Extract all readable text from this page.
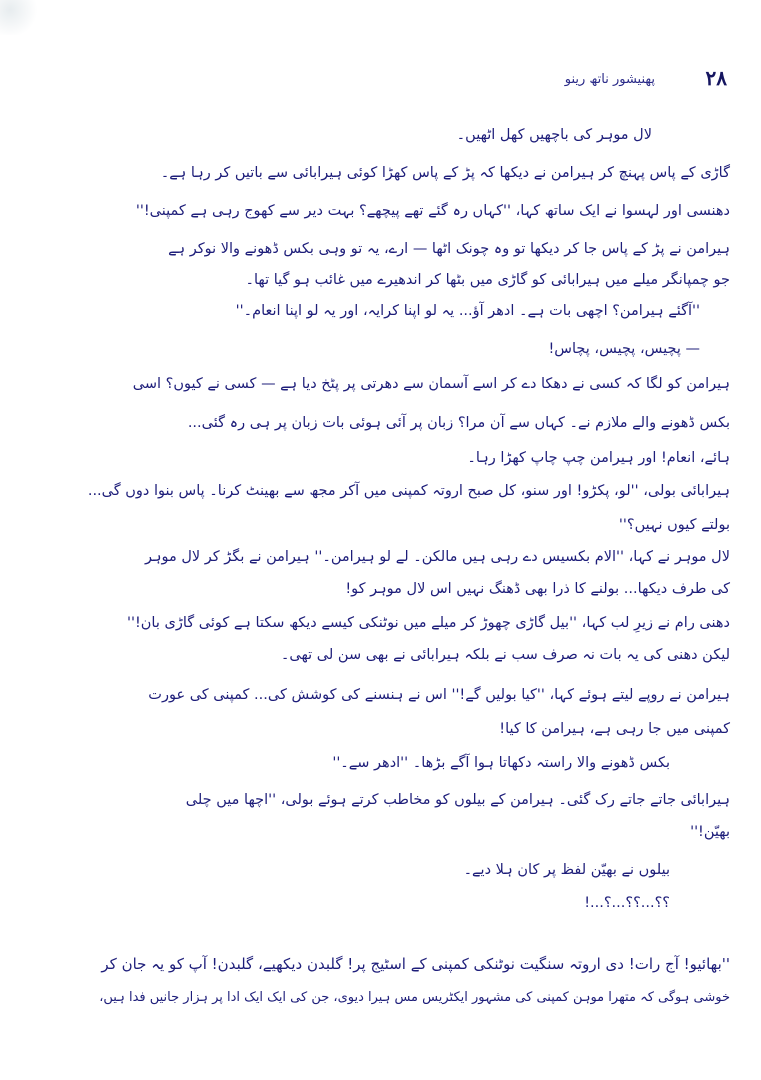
۲۸
پھنیشور ناتھ رینو
لال موہر کی باچھیں کھل اٹھیں۔
گاڑی کے پاس پہنچ کر ہیرامن نے دیکھا کہ پڑ کے پاس کھڑا کوئی ہیرابائی سے باتیں کر رہا ہے۔
دھنسی اور لہسوا نے ایک ساتھ کہا، ''کہاں رہ گئے تھے پیچھے؟ بہت دیر سے کھوج رہی ہے کمپنی!''
ہیرامن نے پڑ کے پاس جا کر دیکھا تو وہ چونک اٹھا — ارے، یہ تو وہی بکس ڈھونے والا نوکر ہے
جو چمپانگر میلے میں ہیرابائی کو گاڑی میں بٹھا کر اندھیرے میں غائب ہو گیا تھا۔
''آگئے ہیرامن؟ اچھی بات ہے۔ ادھر آؤ... یہ لو اپنا کرایہ، اور یہ لو اپنا انعام۔''
— پچیس، پچیس، پچاس!
ہیرامن کو لگا کہ کسی نے دھکا دے کر اسے آسمان سے دھرتی پر پٹخ دیا ہے — کسی نے کیوں؟ اسی
بکس ڈھونے والے ملازم نے۔ کہاں سے آن مرا؟ زبان پر آئی ہوئی بات زبان پر ہی رہ گئی...
ہائے، انعام! اور ہیرامن چپ چاپ کھڑا رہا۔
ہیرابائی بولی، ''لو، پکڑو! اور سنو، کل صبح اروتہ کمپنی میں آکر مجھ سے بھینٹ کرنا۔ پاس بنوا دوں گی...
بولتے کیوں نہیں؟''
لال موہر نے کہا، ''الام بکسیس دے رہی ہیں مالکن۔ لے لو ہیرامن۔'' ہیرامن نے بگڑ کر لال موہر
کی طرف دیکھا... بولنے کا ذرا بھی ڈھنگ نہیں اس لال موہر کو!
دھنی رام نے زیرِ لب کہا، ''بیل گاڑی چھوڑ کر میلے میں نوٹنکی کیسے دیکھ سکتا ہے کوئی گاڑی بان!''
لیکن دھنی کی یہ بات نہ صرف سب نے بلکہ ہیرابائی نے بھی سن لی تھی۔
ہیرامن نے روپے لیتے ہوئے کہا، ''کیا بولیں گے!'' اس نے ہنسنے کی کوشش کی... کمپنی کی عورت
کمپنی میں جا رہی ہے، ہیرامن کا کیا!
بکس ڈھونے والا راستہ دکھاتا ہوا آگے بڑھا۔ ''ادھر سے۔''
ہیرابائی جاتے جاتے رک گئی۔ ہیرامن کے بیلوں کو مخاطب کرتے ہوئے بولی، ''اچھا میں چلی
بھیّن!''
بیلوں نے بھیّن لفظ پر کان ہلا دیے۔
؟؟...؟؟...؟...!
''بھائیو! آج رات! دی اروتہ سنگیت نوٹنکی کمپنی کے اسٹیج پر! گلبدن دیکھیے، گلبدن! آپ کو یہ جان کر
خوشی ہوگی کہ متھرا موہن کمپنی کی مشہور ایکٹریس مس ہیرا دیوی، جن کی ایک ایک ادا پر ہزار جانیں فدا ہیں،
